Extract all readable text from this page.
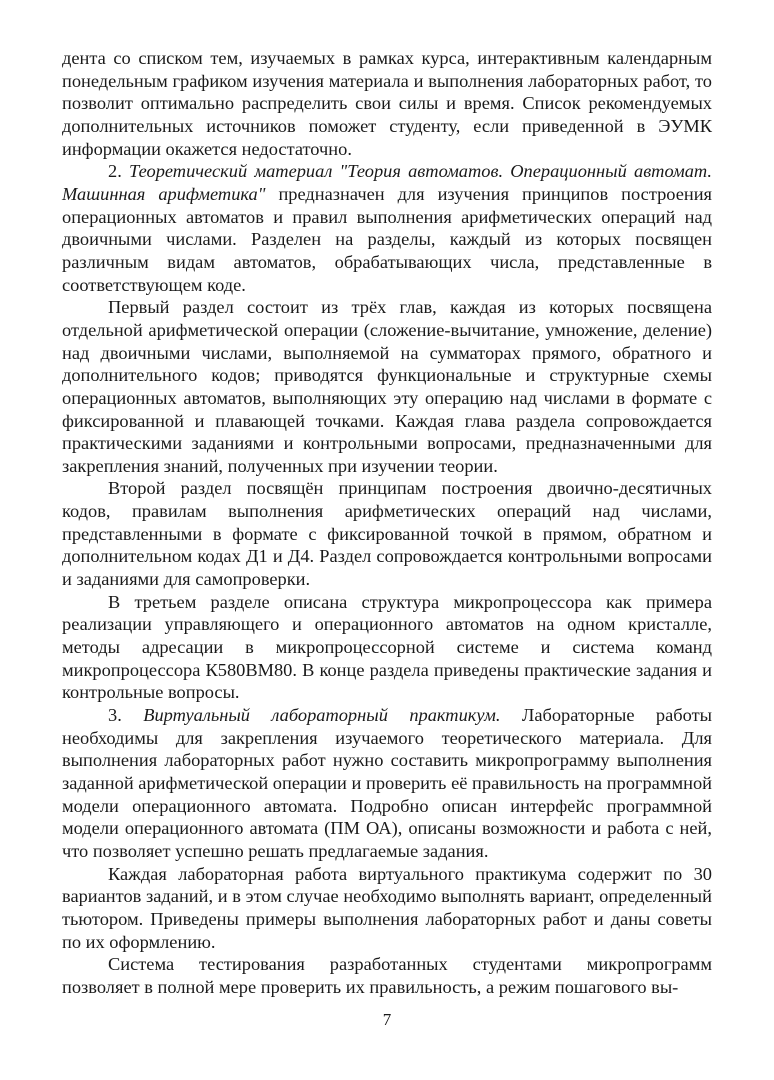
дента со списком тем, изучаемых в рамках курса, интерактивным календарным понедельным графиком изучения материала и выполнения лабораторных работ, то позволит оптимально распределить свои силы и время. Список рекомендуемых дополнительных источников поможет студенту, если приведенной в ЭУМК информации окажется недостаточно.

2. Теоретический материал "Теория автоматов. Операционный автомат. Машинная арифметика" предназначен для изучения принципов построения операционных автоматов и правил выполнения арифметических операций над двоичными числами. Разделен на разделы, каждый из которых посвящен различным видам автоматов, обрабатывающих числа, представленные в соответствующем коде.

Первый раздел состоит из трёх глав, каждая из которых посвящена отдельной арифметической операции (сложение-вычитание, умножение, деление) над двоичными числами, выполняемой на сумматорах прямого, обратного и дополнительного кодов; приводятся функциональные и структурные схемы операционных автоматов, выполняющих эту операцию над числами в формате с фиксированной и плавающей точками. Каждая глава раздела сопровождается практическими заданиями и контрольными вопросами, предназначенными для закрепления знаний, полученных при изучении теории.

Второй раздел посвящён принципам построения двоично-десятичных кодов, правилам выполнения арифметических операций над числами, представленными в формате с фиксированной точкой в прямом, обратном и дополнительном кодах Д1 и Д4. Раздел сопровождается контрольными вопросами и заданиями для самопроверки.

В третьем разделе описана структура микропроцессора как примера реализации управляющего и операционного автоматов на одном кристалле, методы адресации в микропроцессорной системе и система команд микропроцессора К580ВМ80. В конце раздела приведены практические задания и контрольные вопросы.

3. Виртуальный лабораторный практикум. Лабораторные работы необходимы для закрепления изучаемого теоретического материала. Для выполнения лабораторных работ нужно составить микропрограмму выполнения заданной арифметической операции и проверить её правильность на программной модели операционного автомата. Подробно описан интерфейс программной модели операционного автомата (ПМ ОА), описаны возможности и работа с ней, что позволяет успешно решать предлагаемые задания.

Каждая лабораторная работа виртуального практикума содержит по 30 вариантов заданий, и в этом случае необходимо выполнять вариант, определенный тьютором. Приведены примеры выполнения лабораторных работ и даны советы по их оформлению.

Система тестирования разработанных студентами микропрограмм позволяет в полной мере проверить их правильность, а режим пошагового вы-

7
